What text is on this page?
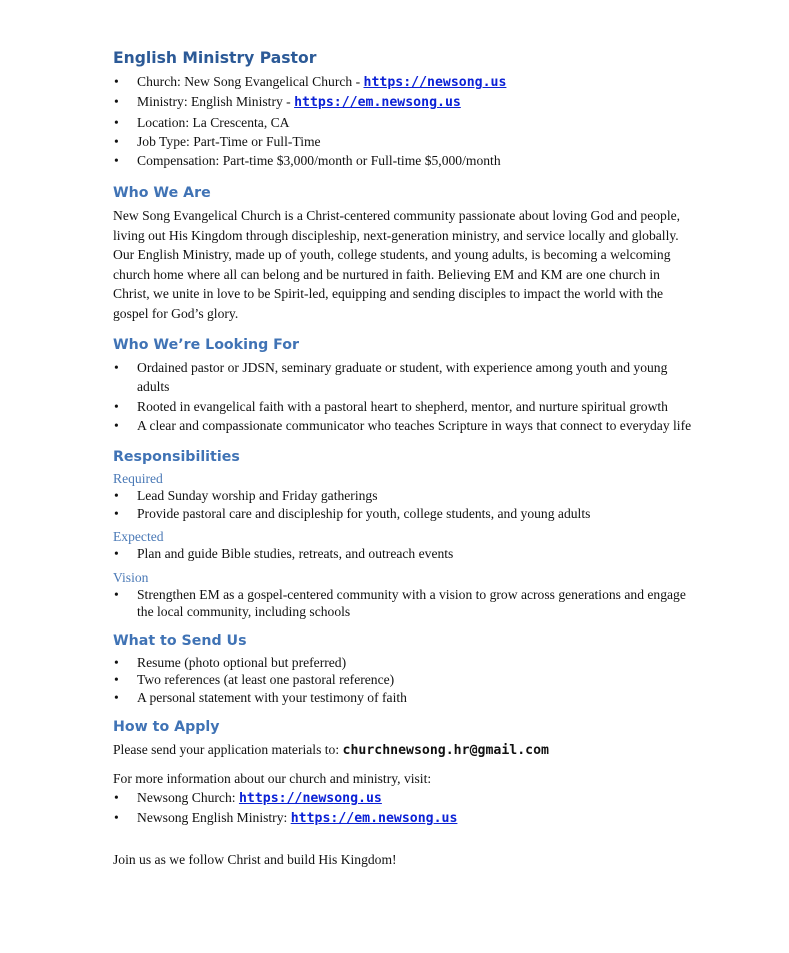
English Ministry Pastor
• Church: New Song Evangelical Church - https://newsong.us
• Ministry: English Ministry - https://em.newsong.us
• Location: La Crescenta, CA
• Job Type: Part-Time or Full-Time
• Compensation: Part-time $3,000/month or Full-time $5,000/month
Who We Are

New Song Evangelical Church is a Christ-centered community passionate about loving God and people, living out His Kingdom through discipleship, next-generation ministry, and service locally and globally. Our English Ministry, made up of youth, college students, and young adults, is becoming a welcoming church home where all can belong and be nurtured in faith. Believing EM and KM are one church in Christ, we unite in love to be Spirit-led, equipping and sending disciples to impact the world with the gospel for God’s glory.

Who We’re Looking For
• Ordained pastor or JDSN, seminary graduate or student, with experience among youth and young adults
• Rooted in evangelical faith with a pastoral heart to shepherd, mentor, and nurture spiritual growth
• A clear and compassionate communicator who teaches Scripture in ways that connect to everyday life
Responsibilities
Required
• Lead Sunday worship and Friday gatherings
• Provide pastoral care and discipleship for youth, college students, and young adults
Expected
• Plan and guide Bible studies, retreats, and outreach events
Vision
• Strengthen EM as a gospel-centered community with a vision to grow across generations and engage the local community, including schools
What to Send Us
• Resume (photo optional but preferred)
• Two references (at least one pastoral reference)
• A personal statement with your testimony of faith
How to Apply

Please send your application materials to: churchnewsong.hr@gmail.com

For more information about our church and ministry, visit:

• Newsong Church: https://newsong.us
• Newsong English Ministry: https://em.newsong.us

Join us as we follow Christ and build His Kingdom!
